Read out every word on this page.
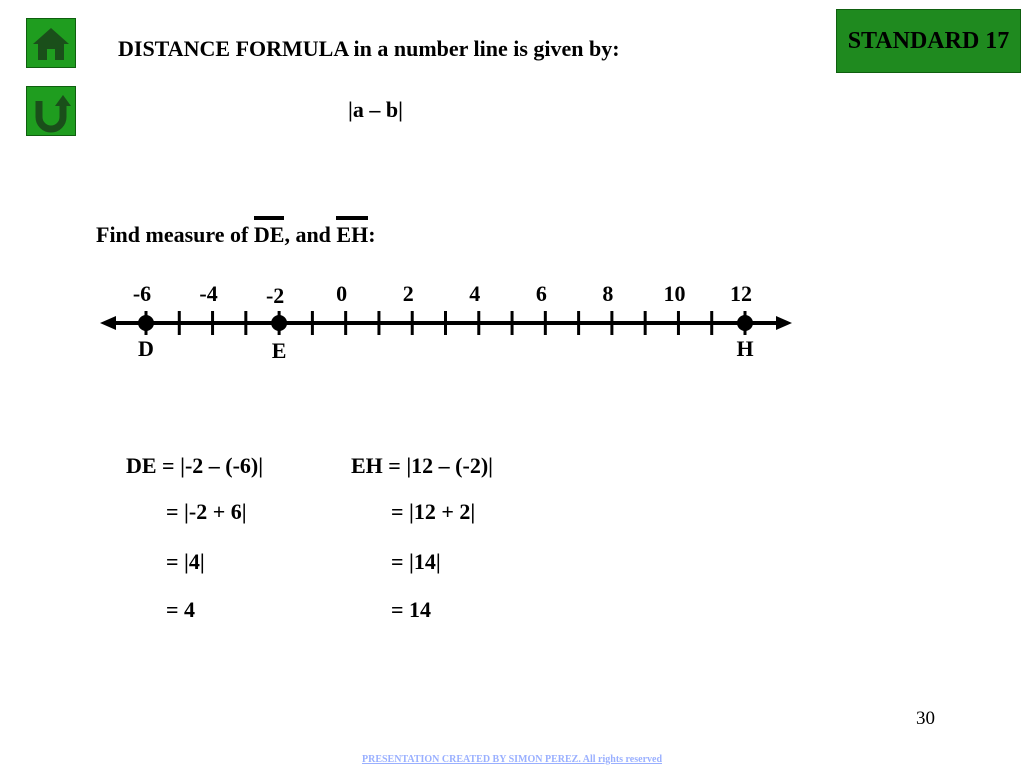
STANDARD 17
DISTANCE FORMULA in a number line is given by:
|a – b|
Find measure of
DE, and
EH:
-6 -4 -2 0	2	4	6	8 10 12
D	E	H
DE = |-2 – (-6)|
= |-2 + 6|
= |4|
= 4
EH = |12 – (-2)|
= |12 + 2|
= |14|
= 14
30
PRESENTATION CREATED BY SIMON PEREZ. All rights reserved
